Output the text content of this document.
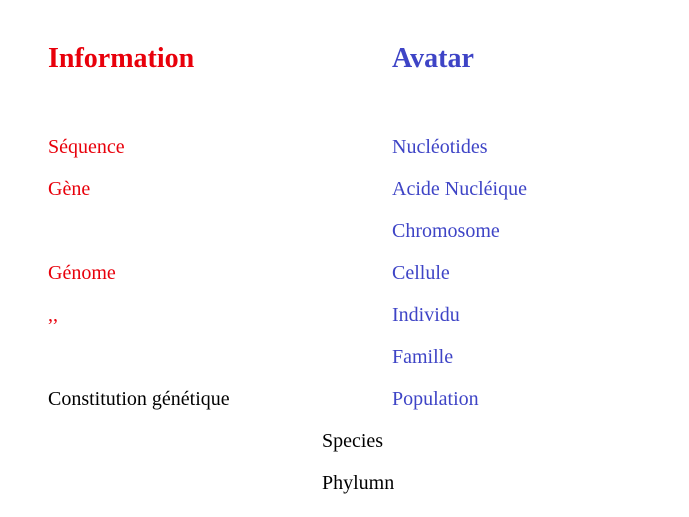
Information	Avatar
Séquence
Gène
Génome
,,
Constitution génétique
Nucléotides
Acide Nucléique
Chromosome
Cellule
Individu
Famille
Population
Species
Phylumn
